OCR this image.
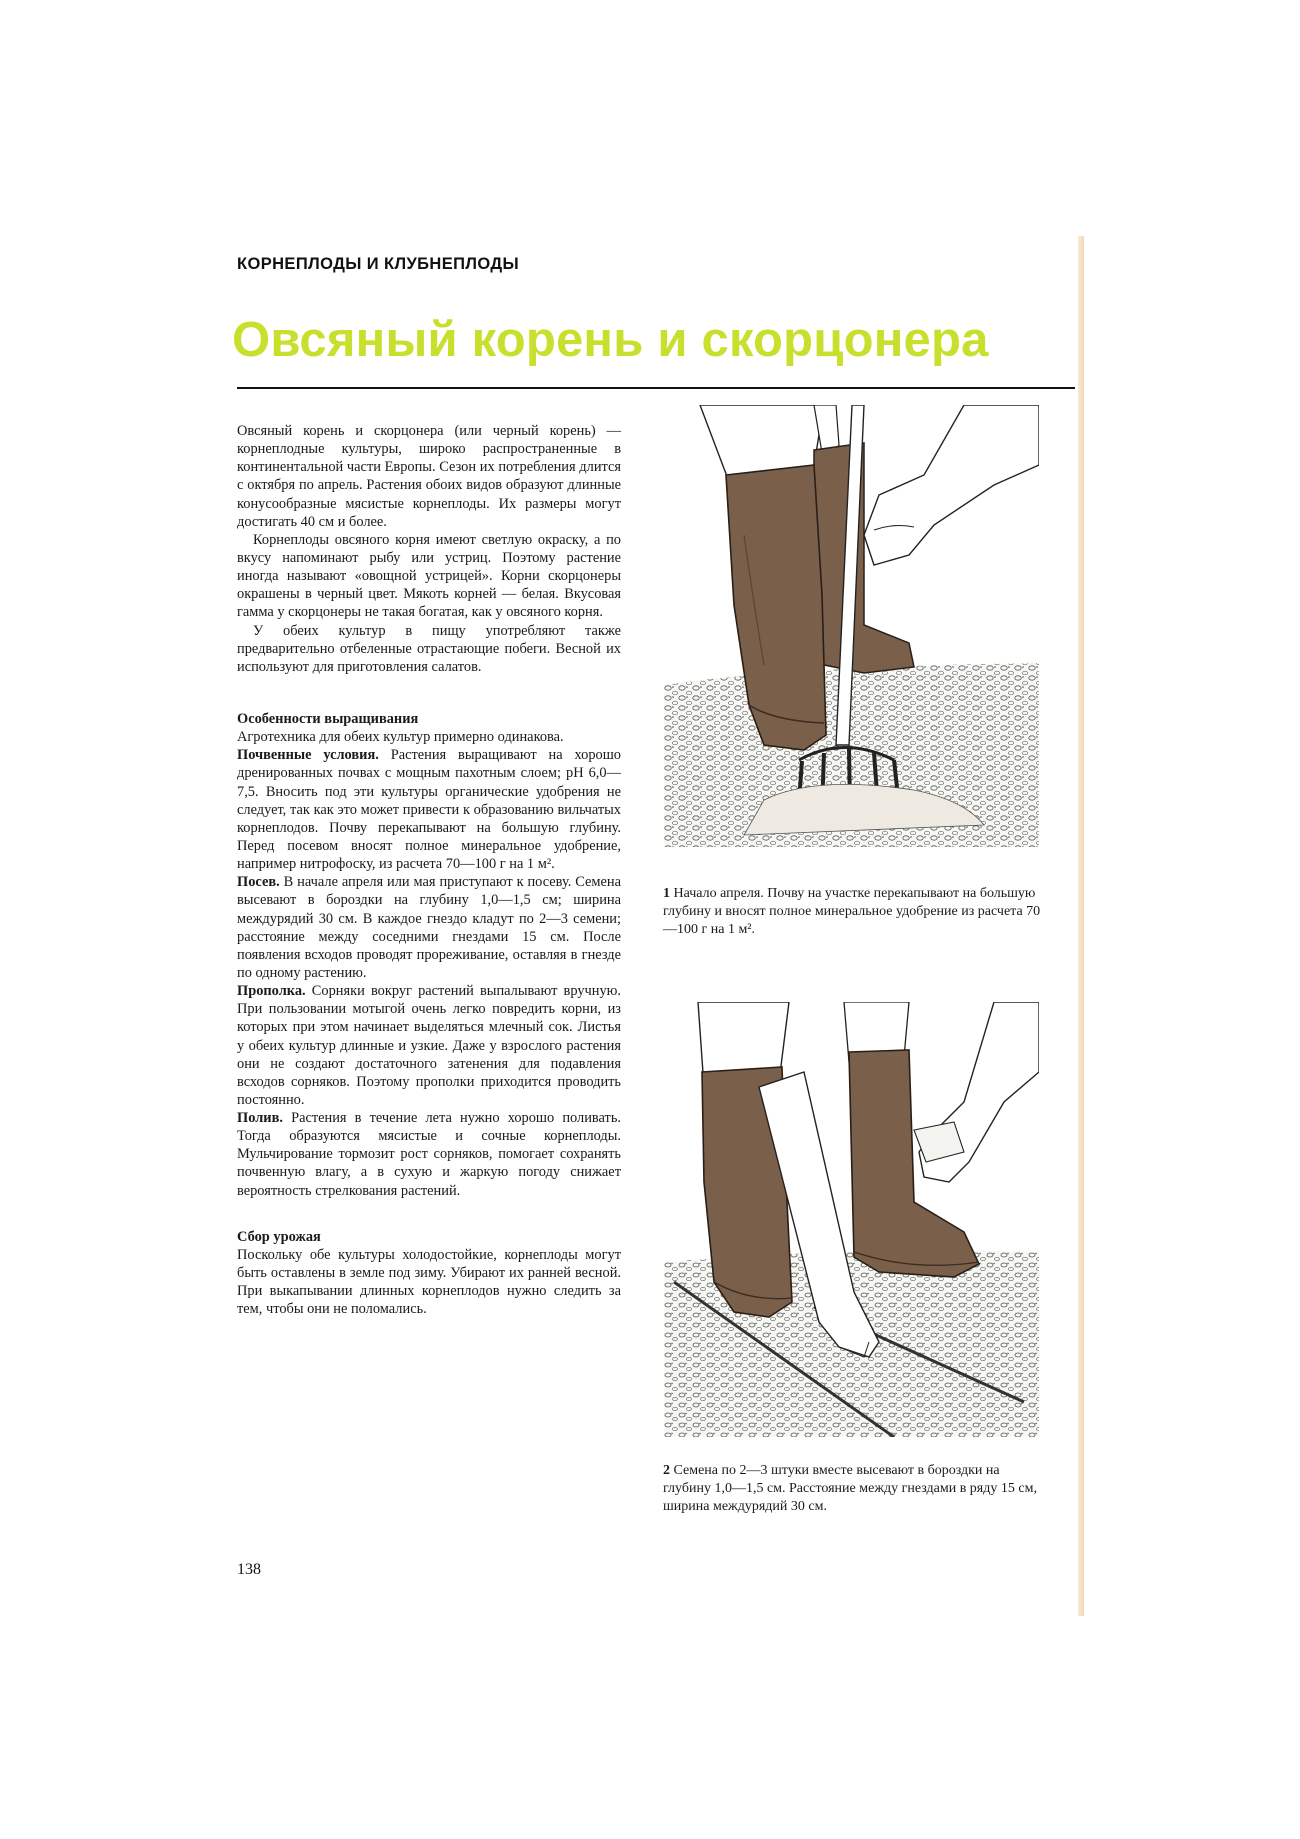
КОРНЕПЛОДЫ И КЛУБНЕПЛОДЫ
Овсяный корень и скорцонера

Овсяный корень и скорцонера (или черный корень) — корнеплодные культуры, широко распространенные в континентальной части Европы. Сезон их потребления длится с октября по апрель. Растения обоих видов образуют длинные конусообразные мясистые корнеплоды. Их размеры могут достигать 40 см и более.

Корнеплоды овсяного корня имеют светлую окраску, а по вкусу напоминают рыбу или устриц. Поэтому растение иногда называют «овощной устрицей». Корни скорцонеры окрашены в черный цвет. Мякоть корней — белая. Вкусовая гамма у скорцонеры не такая богатая, как у овсяного корня.

У обеих культур в пищу употребляют также предварительно отбеленные отрастающие побеги. Весной их используют для приготовления салатов.

Особенности выращивания

Агротехника для обеих культур примерно одинакова.

Почвенные условия. Растения выращивают на хорошо дренированных почвах с мощным пахотным слоем; pH 6,0—7,5. Вносить под эти культуры органические удобрения не следует, так как это может привести к образованию вильчатых корнеплодов. Почву перекапывают на большую глубину. Перед посевом вносят полное минеральное удобрение, например нитрофоску, из расчета 70—100 г на 1 м².

Посев. В начале апреля или мая приступают к посеву. Семена высевают в бороздки на глубину 1,0—1,5 см; ширина междурядий 30 см. В каждое гнездо кладут по 2—3 семени; расстояние между соседними гнездами 15 см. После появления всходов проводят прореживание, оставляя в гнезде по одному растению.

Прополка. Сорняки вокруг растений выпалывают вручную. При пользовании мотыгой очень легко повредить корни, из которых при этом начинает выделяться млечный сок. Листья у обеих культур длинные и узкие. Даже у взрослого растения они не создают достаточного затенения для подавления всходов сорняков. Поэтому прополки приходится проводить постоянно.

Полив. Растения в течение лета нужно хорошо поливать. Тогда образуются мясистые и сочные корнеплоды. Мульчирование тормозит рост сорняков, помогает сохранять почвенную влагу, а в сухую и жаркую погоду снижает вероятность стрелкования растений.

Сбор урожая

Поскольку обе культуры холодостойкие, корнеплоды могут быть оставлены в земле под зиму. Убирают их ранней весной. При выкапывании длинных корнеплодов нужно следить за тем, чтобы они не поломались.

138
1 Начало апреля. Почву на участке перекапывают на большую глубину и вносят полное минеральное удобрение из расчета 70—100 г на 1 м².
2 Семена по 2—3 штуки вместе высевают в бороздки на глубину 1,0—1,5 см. Расстояние между гнездами в ряду 15 см, ширина междурядий 30 см.
